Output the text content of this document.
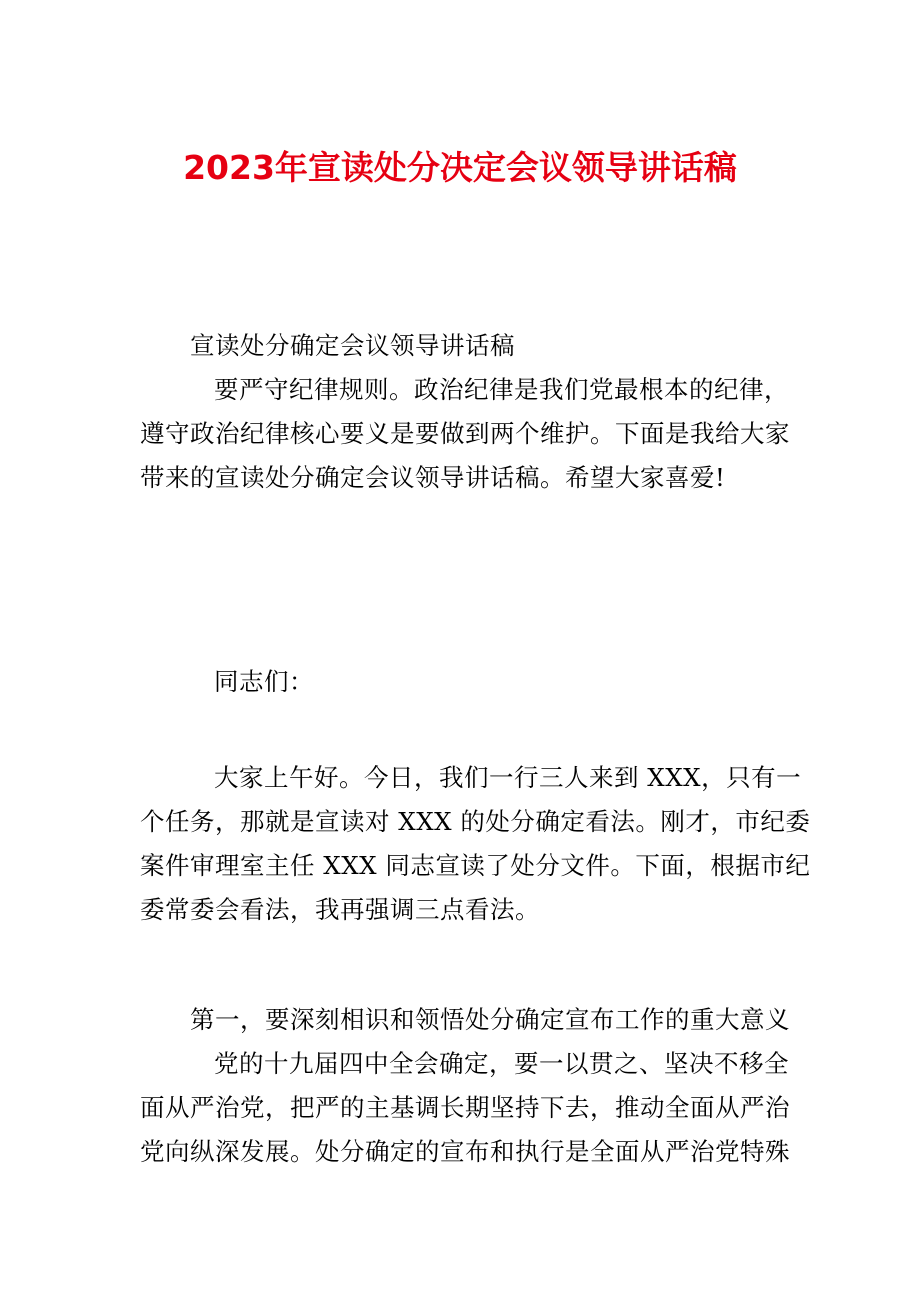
2023年宣读处分决定会议领导讲话稿
宣读处分确定会议领导讲话稿
要严守纪律规则。政治纪律是我们党最根本的纪律，
遵守政治纪律核心要义是要做到两个维护。下面是我给大家
带来的宣读处分确定会议领导讲话稿。希望大家喜爱!
同志们：
大家上午好。今日，我们一行三人来到 XXX，只有一
个任务，那就是宣读对 XXX 的处分确定看法。刚才，市纪委
案件审理室主任 XXX 同志宣读了处分文件。下面，根据市纪
委常委会看法，我再强调三点看法。
第一，要深刻相识和领悟处分确定宣布工作的重大意义
党的十九届四中全会确定，要一以贯之、坚决不移全
面从严治党，把严的主基调长期坚持下去，推动全面从严治
党向纵深发展。处分确定的宣布和执行是全面从严治党特殊
